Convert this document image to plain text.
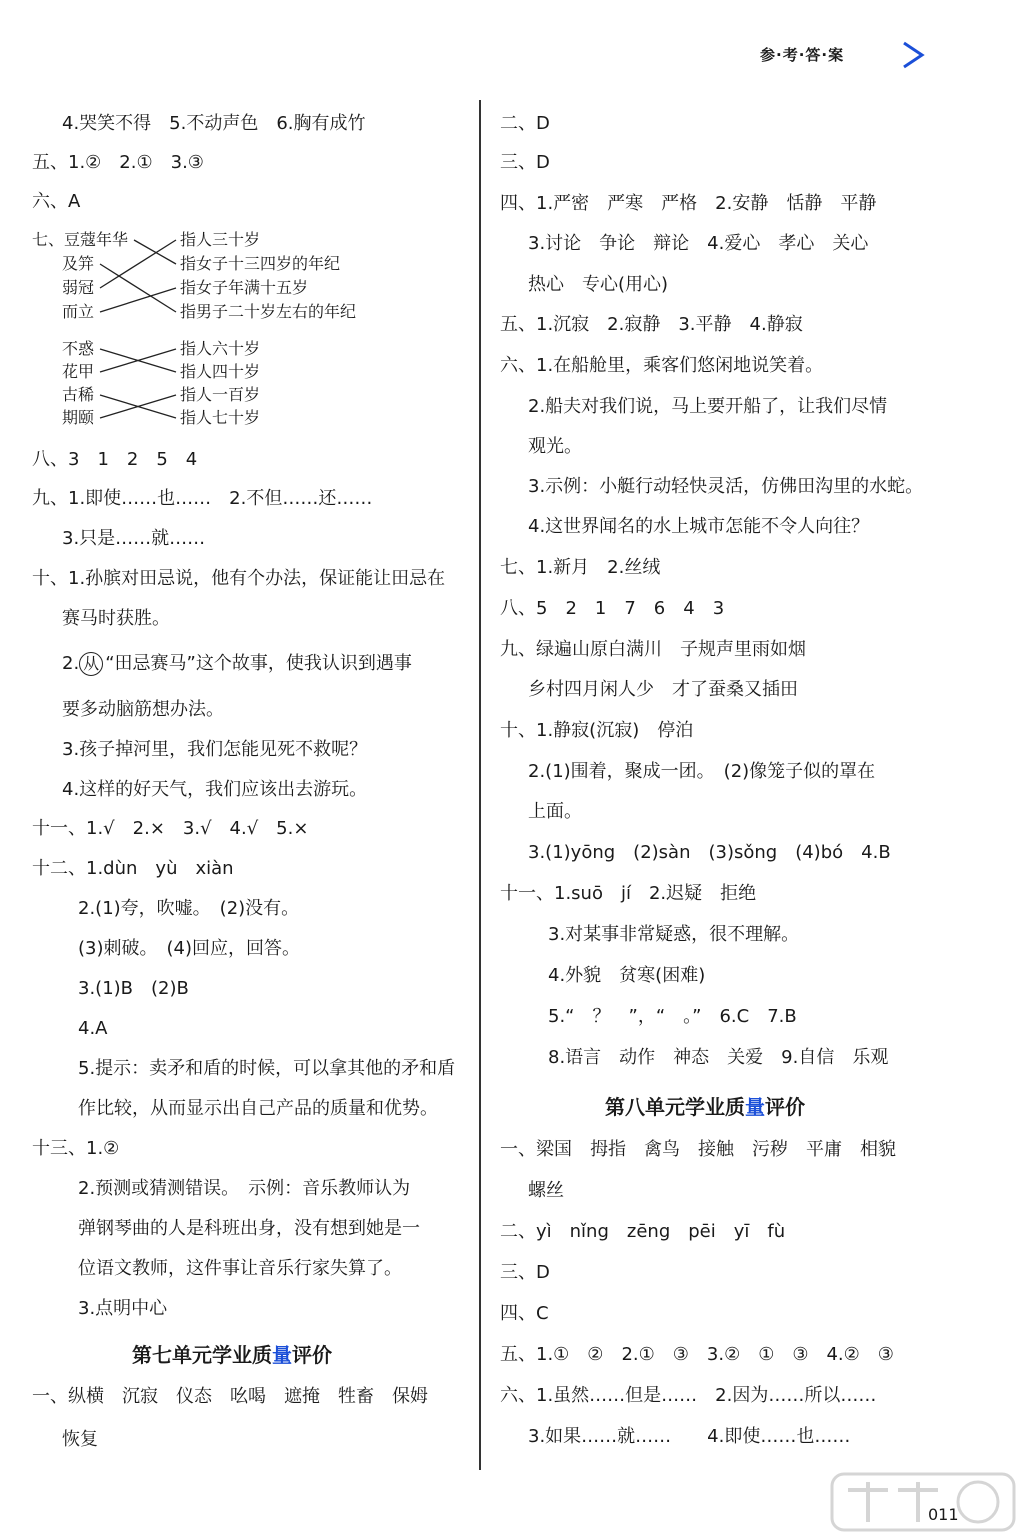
参·考·答·案
4.哭笑不得　5.不动声色　6.胸有成竹
五、1.②　2.①　3.③
六、A
七、豆蔻年华
及笄
弱冠
而立
指人三十岁
指女子十三四岁的年纪
指女子年满十五岁
指男子二十岁左右的年纪
不惑
花甲
古稀
期颐
指人六十岁
指人四十岁
指人一百岁
指人七十岁
八、3　1　2　5　4
九、1.即使……也……　2.不但……还……
3.只是……就……
十、1.孙膑对田忌说，他有个办法，保证能让田忌在
赛马时获胜。
2. 从 “田忌赛马”这个故事，使我认识到遇事
要多动脑筋想办法。
3.孩子掉河里，我们怎能见死不救呢？
4.这样的好天气，我们应该出去游玩。
十一、1.√　2.×　3.√　4.√　5.×
十二、1.dùn　yù　xiàn
2.(1)夸，吹嘘。　(2)没有。
(3)刺破。　(4)回应，回答。
3.(1)B　(2)B
4.A
5.提示：卖矛和盾的时候，可以拿其他的矛和盾
作比较，从而显示出自己产品的质量和优势。
十三、1.②
2.预测或猜测错误。　示例：音乐教师认为
弹钢琴曲的人是科班出身，没有想到她是一
位语文教师，这件事让音乐行家失算了。
3.点明中心
第七单元学业质量评价
一、纵横　沉寂　仪态　吆喝　遮掩　牲畜　保姆
恢复
二、D
三、D
四、1.严密　严寒　严格　2.安静　恬静　平静
3.讨论　争论　辩论　4.爱心　孝心　关心
热心　专心(用心)
五、1.沉寂　2.寂静　3.平静　4.静寂
六、1.在船舱里，乘客们悠闲地说笑着。
2.船夫对我们说，马上要开船了，让我们尽情
观光。
3.示例：小艇行动轻快灵活，仿佛田沟里的水蛇。
4.这世界闻名的水上城市怎能不令人向往？
七、1.新月　2.丝绒
八、5　2　1　7　6　4　3
九、绿遍山原白满川　子规声里雨如烟
乡村四月闲人少　才了蚕桑又插田
十、1.静寂(沉寂)　停泊
2.(1)围着，聚成一团。　(2)像笼子似的罩在
上面。
3.(1)yōng　(2)sàn　(3)sǒng　(4)bó　4.B
十一、1.suō　jí　2.迟疑　拒绝
3.对某事非常疑惑，很不理解。
4.外貌　贫寒(困难)
5.“　？　”，“　。”　6.C　7.B
8.语言　动作　神态　关爱　9.自信　乐观
第八单元学业质量评价
一、梁国　拇指　禽鸟　接触　污秽　平庸　相貌
螺丝
二、yì　nǐng　zēng　pēi　yī　fù
三、D
四、C
五、1.①　②　2.①　③　3.②　①　③　4.②　③
六、1.虽然……但是……　2.因为……所以……
3.如果……就……　　4.即使……也……
011
